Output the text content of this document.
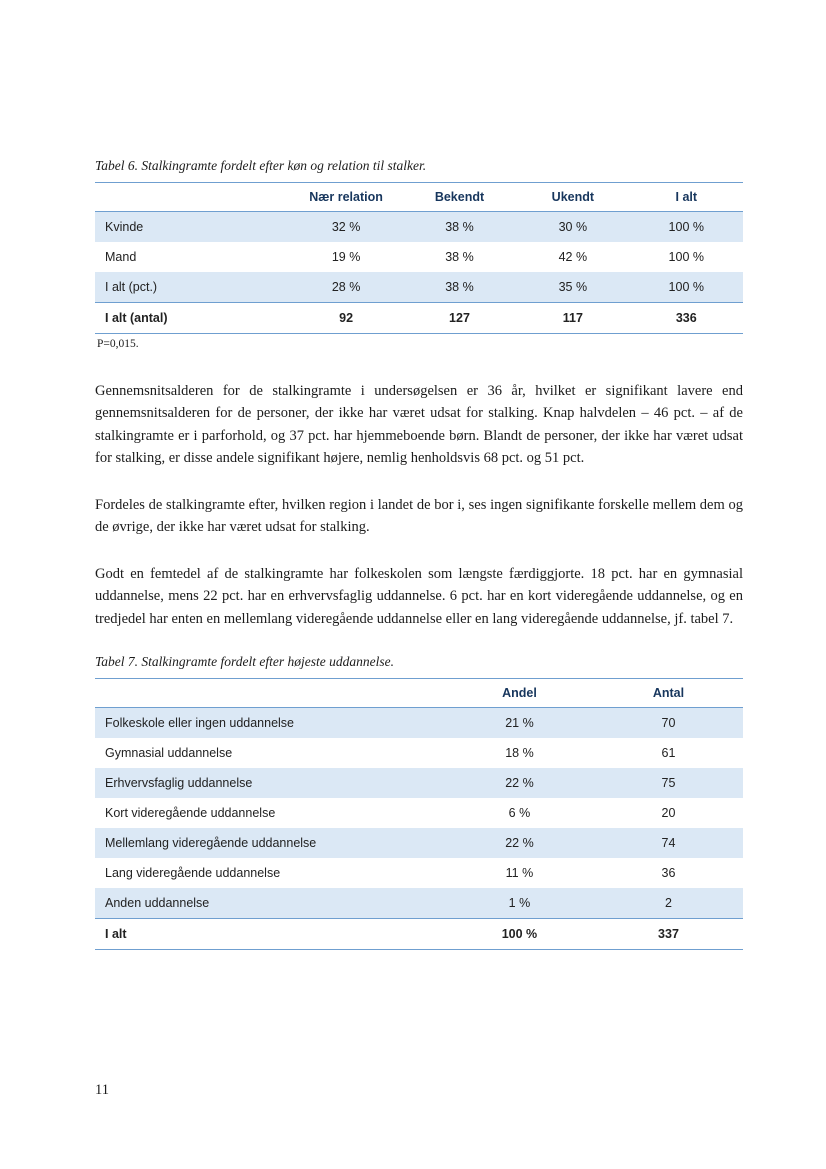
Tabel 6. Stalkingramte fordelt efter køn og relation til stalker.

	Nær relation	Bekendt	Ukendt	I alt
Kvinde	32 %	38 %	30 %	100 %
Mand	19 %	38 %	42 %	100 %
I alt (pct.)	28 %	38 %	35 %	100 %
I alt (antal)	92	127	117	336

P=0,015.

Gennemsnitsalderen for de stalkingramte i undersøgelsen er 36 år, hvilket er signifikant lavere end gennemsnitsalderen for de personer, der ikke har været udsat for stalking. Knap halvdelen – 46 pct. – af de stalkingramte er i parforhold, og 37 pct. har hjemmeboende børn. Blandt de personer, der ikke har været udsat for stalking, er disse andele signifikant højere, nemlig henholdsvis 68 pct. og 51 pct.

Fordeles de stalkingramte efter, hvilken region i landet de bor i, ses ingen signifikante forskelle mellem dem og de øvrige, der ikke har været udsat for stalking.

Godt en femtedel af de stalkingramte har folkeskolen som længste færdiggjorte. 18 pct. har en gymnasial uddannelse, mens 22 pct. har en erhvervsfaglig uddannelse. 6 pct. har en kort videregående uddannelse, og en tredjedel har enten en mellemlang videregående uddannelse eller en lang videregående uddannelse, jf. tabel 7.

Tabel 7. Stalkingramte fordelt efter højeste uddannelse.

	Andel	Antal
Folkeskole eller ingen uddannelse	21 %	70
Gymnasial uddannelse	18 %	61
Erhvervsfaglig uddannelse	22 %	75
Kort videregående uddannelse	6 %	20
Mellemlang videregående uddannelse	22 %	74
Lang videregående uddannelse	11 %	36
Anden uddannelse	1 %	2
I alt	100 %	337
11
